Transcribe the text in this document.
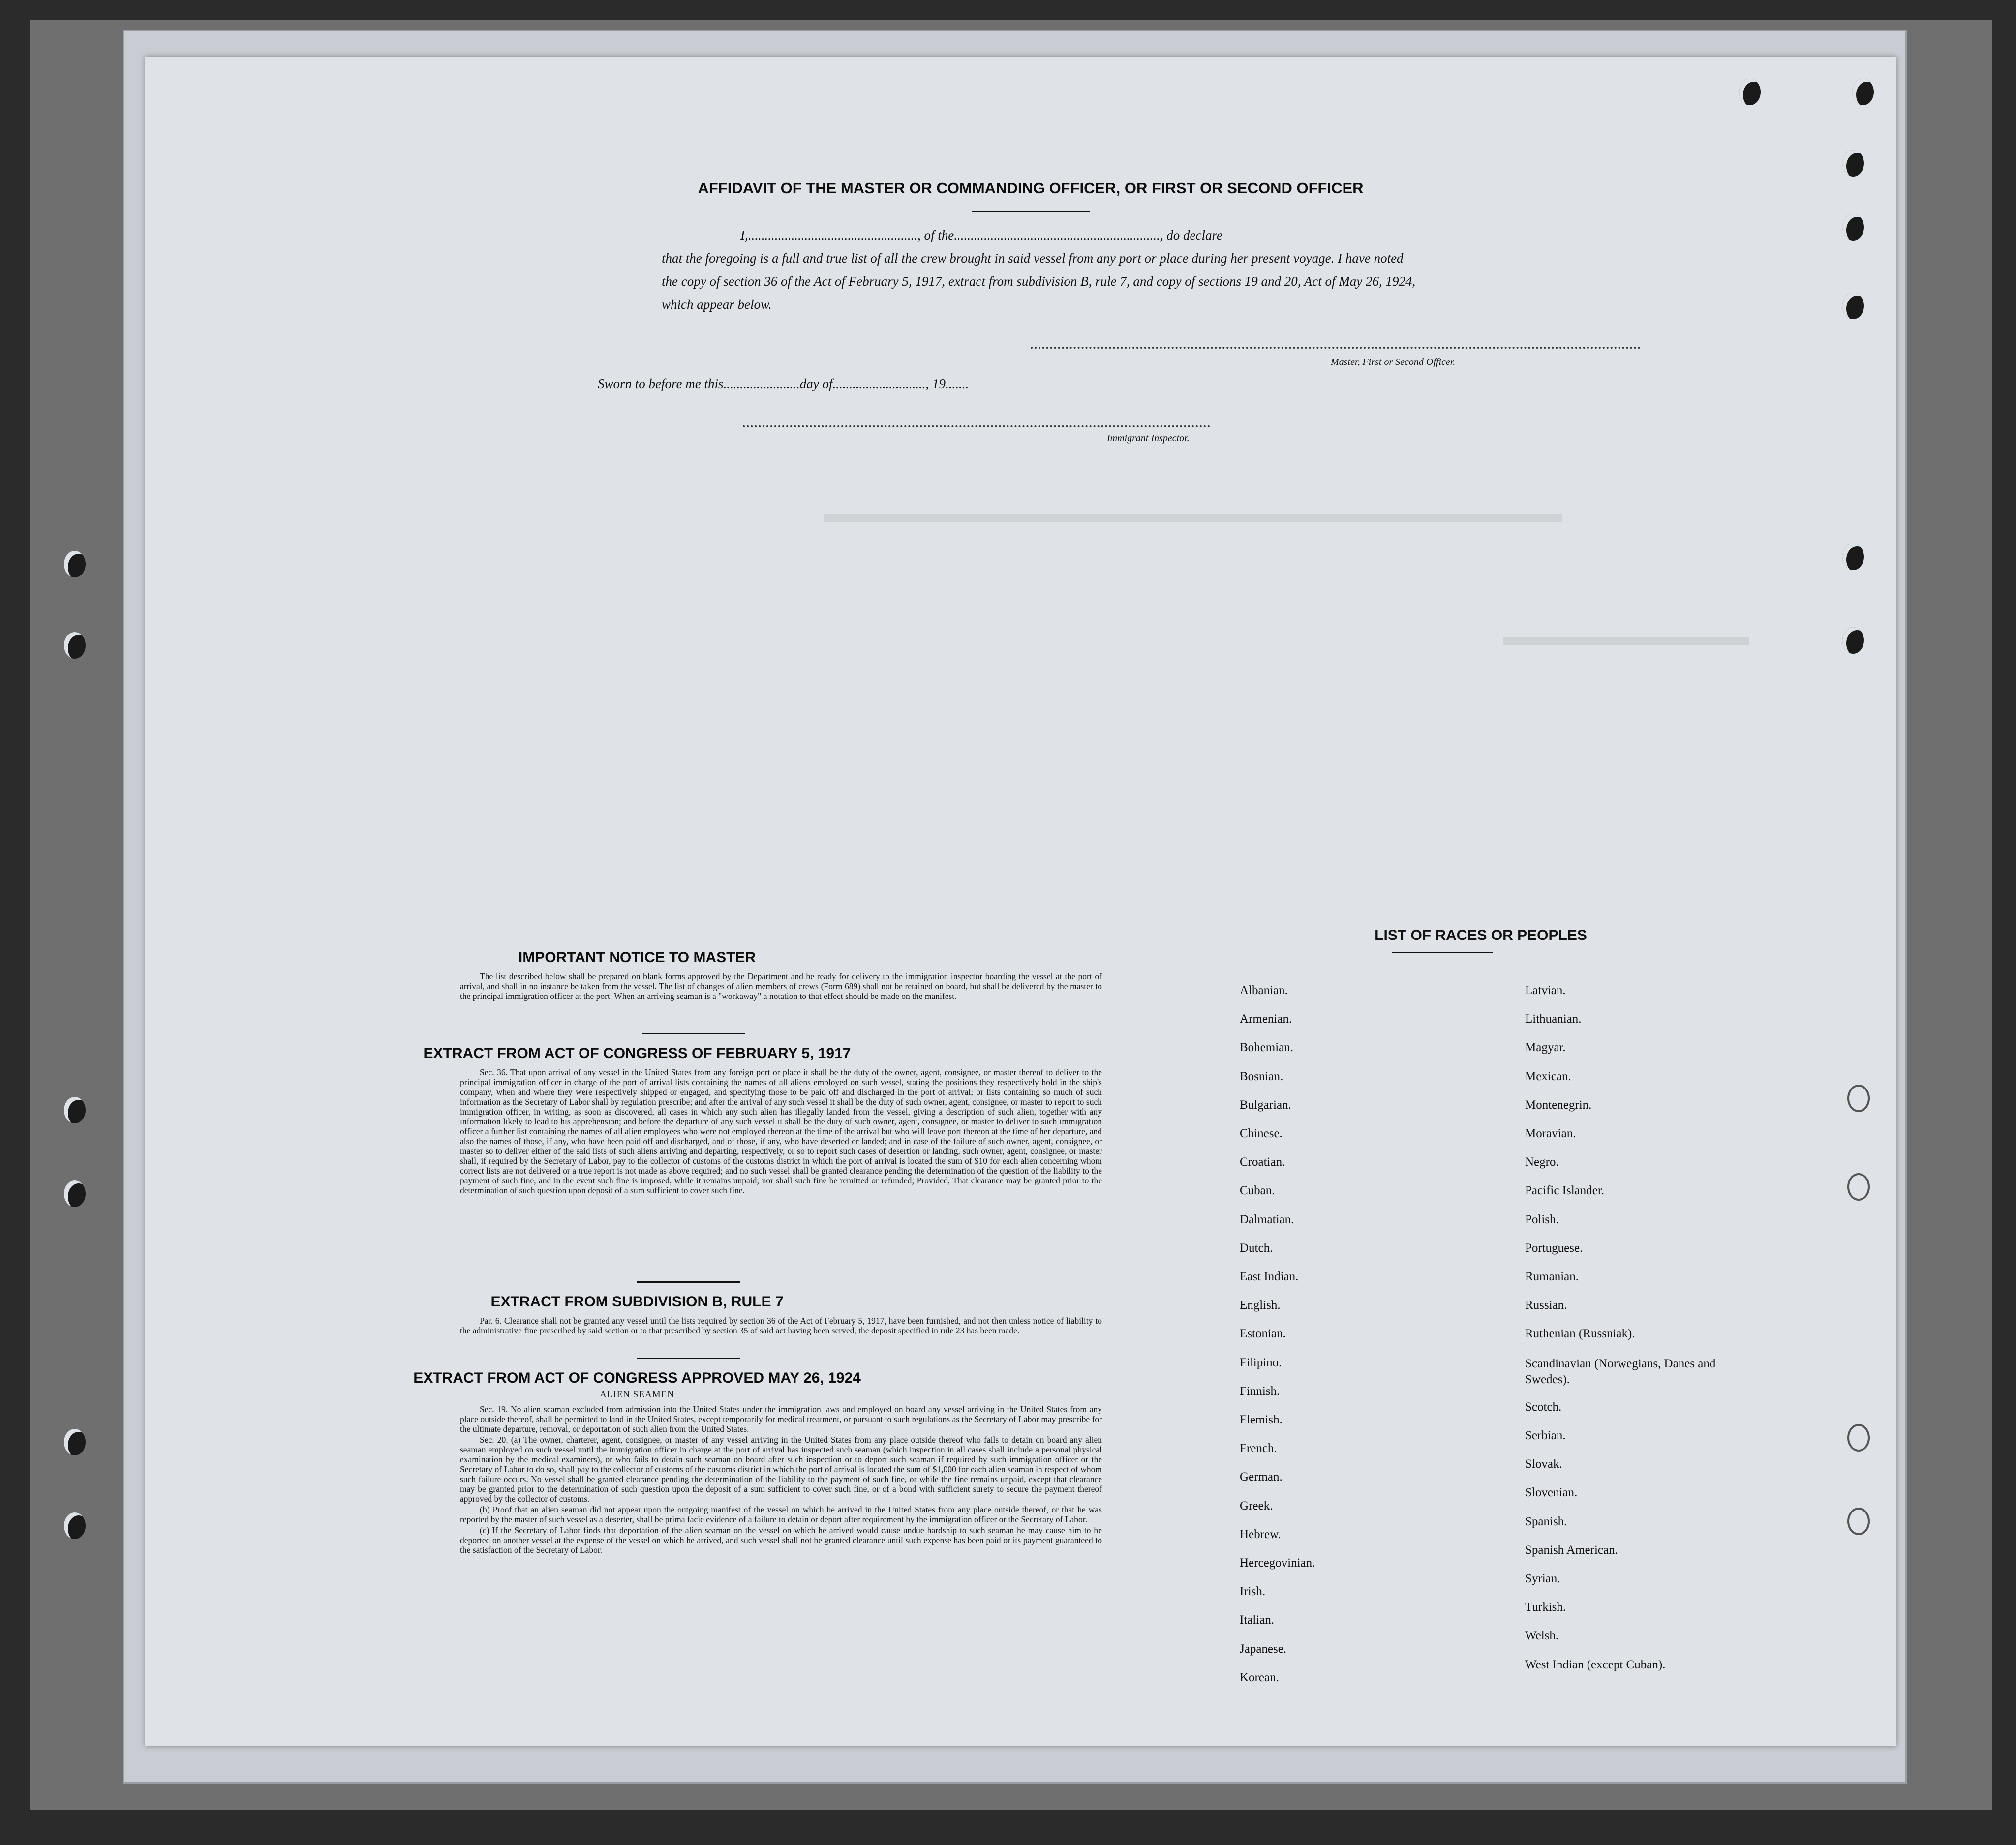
AFFIDAVIT OF THE MASTER OR COMMANDING OFFICER, OR FIRST OR SECOND OFFICER
I,..................................................., of the.............................................................., do declare
that the foregoing is a full and true list of all the crew brought in said vessel from any port or place during her present voyage. I have noted
the copy of section 36 of the Act of February 5, 1917, extract from subdivision B, rule 7, and copy of sections 19 and 20, Act of May 26, 1924,
which appear below.
Master, First or Second Officer.
Sworn to before me this.......................day of............................, 19.......
Immigrant Inspector.
IMPORTANT NOTICE TO MASTER

The list described below shall be prepared on blank forms approved by the Department and be ready for delivery to the immigration inspector boarding the vessel at the port of arrival, and shall in no instance be taken from the vessel. The list of changes of alien members of crews (Form 689) shall not be retained on board, but shall be delivered by the master to the principal immigration officer at the port. When an arriving seaman is a "workaway" a notation to that effect should be made on the manifest.

EXTRACT FROM ACT OF CONGRESS OF FEBRUARY 5, 1917

Sec. 36. That upon arrival of any vessel in the United States from any foreign port or place it shall be the duty of the owner, agent, consignee, or master thereof to deliver to the principal immigration officer in charge of the port of arrival lists containing the names of all aliens employed on such vessel, stating the positions they respectively hold in the ship's company, when and where they were respectively shipped or engaged, and specifying those to be paid off and discharged in the port of arrival; or lists containing so much of such information as the Secretary of Labor shall by regulation prescribe; and after the arrival of any such vessel it shall be the duty of such owner, agent, consignee, or master to report to such immigration officer, in writing, as soon as discovered, all cases in which any such alien has illegally landed from the vessel, giving a description of such alien, together with any information likely to lead to his apprehension; and before the departure of any such vessel it shall be the duty of such owner, agent, consignee, or master to deliver to such immigration officer a further list containing the names of all alien employees who were not employed thereon at the time of the arrival but who will leave port thereon at the time of her departure, and also the names of those, if any, who have been paid off and discharged, and of those, if any, who have deserted or landed; and in case of the failure of such owner, agent, consignee, or master so to deliver either of the said lists of such aliens arriving and departing, respectively, or so to report such cases of desertion or landing, such owner, agent, consignee, or master shall, if required by the Secretary of Labor, pay to the collector of customs of the customs district in which the port of arrival is located the sum of $10 for each alien concerning whom correct lists are not delivered or a true report is not made as above required; and no such vessel shall be granted clearance pending the determination of the question of the liability to the payment of such fine, and in the event such fine is imposed, while it remains unpaid; nor shall such fine be remitted or refunded; Provided, That clearance may be granted prior to the determination of such question upon deposit of a sum sufficient to cover such fine.

EXTRACT FROM SUBDIVISION B, RULE 7

Par. 6. Clearance shall not be granted any vessel until the lists required by section 36 of the Act of February 5, 1917, have been furnished, and not then unless notice of liability to the administrative fine prescribed by said section or to that prescribed by section 35 of said act having been served, the deposit specified in rule 23 has been made.

EXTRACT FROM ACT OF CONGRESS APPROVED MAY 26, 1924
ALIEN SEAMEN

Sec. 19. No alien seaman excluded from admission into the United States under the immigration laws and employed on board any vessel arriving in the United States from any place outside thereof, shall be permitted to land in the United States, except temporarily for medical treatment, or pursuant to such regulations as the Secretary of Labor may prescribe for the ultimate departure, removal, or deportation of such alien from the United States.

Sec. 20. (a) The owner, charterer, agent, consignee, or master of any vessel arriving in the United States from any place outside thereof who fails to detain on board any alien seaman employed on such vessel until the immigration officer in charge at the port of arrival has inspected such seaman (which inspection in all cases shall include a personal physical examination by the medical examiners), or who fails to detain such seaman on board after such inspection or to deport such seaman if required by such immigration officer or the Secretary of Labor to do so, shall pay to the collector of customs of the customs district in which the port of arrival is located the sum of $1,000 for each alien seaman in respect of whom such failure occurs. No vessel shall be granted clearance pending the determination of the liability to the payment of such fine, or while the fine remains unpaid, except that clearance may be granted prior to the determination of such question upon the deposit of a sum sufficient to cover such fine, or of a bond with sufficient surety to secure the payment thereof approved by the collector of customs.

(b) Proof that an alien seaman did not appear upon the outgoing manifest of the vessel on which he arrived in the United States from any place outside thereof, or that he was reported by the master of such vessel as a deserter, shall be prima facie evidence of a failure to detain or deport after requirement by the immigration officer or the Secretary of Labor.

(c) If the Secretary of Labor finds that deportation of the alien seaman on the vessel on which he arrived would cause undue hardship to such seaman he may cause him to be deported on another vessel at the expense of the vessel on which he arrived, and such vessel shall not be granted clearance until such expense has been paid or its payment guaranteed to the satisfaction of the Secretary of Labor.

LIST OF RACES OR PEOPLES
Albanian.
Armenian.
Bohemian.
Bosnian.
Bulgarian.
Chinese.
Croatian.
Cuban.
Dalmatian.
Dutch.
East Indian.
English.
Estonian.
Filipino.
Finnish.
Flemish.
French.
German.
Greek.
Hebrew.
Hercegovinian.
Irish.
Italian.
Japanese.
Korean.
Latvian.
Lithuanian.
Magyar.
Mexican.
Montenegrin.
Moravian.
Negro.
Pacific Islander.
Polish.
Portuguese.
Rumanian.
Russian.
Ruthenian (Russniak).
Scandinavian (Norwegians, Danes and Swedes).
Scotch.
Serbian.
Slovak.
Slovenian.
Spanish.
Spanish American.
Syrian.
Turkish.
Welsh.
West Indian (except Cuban).
